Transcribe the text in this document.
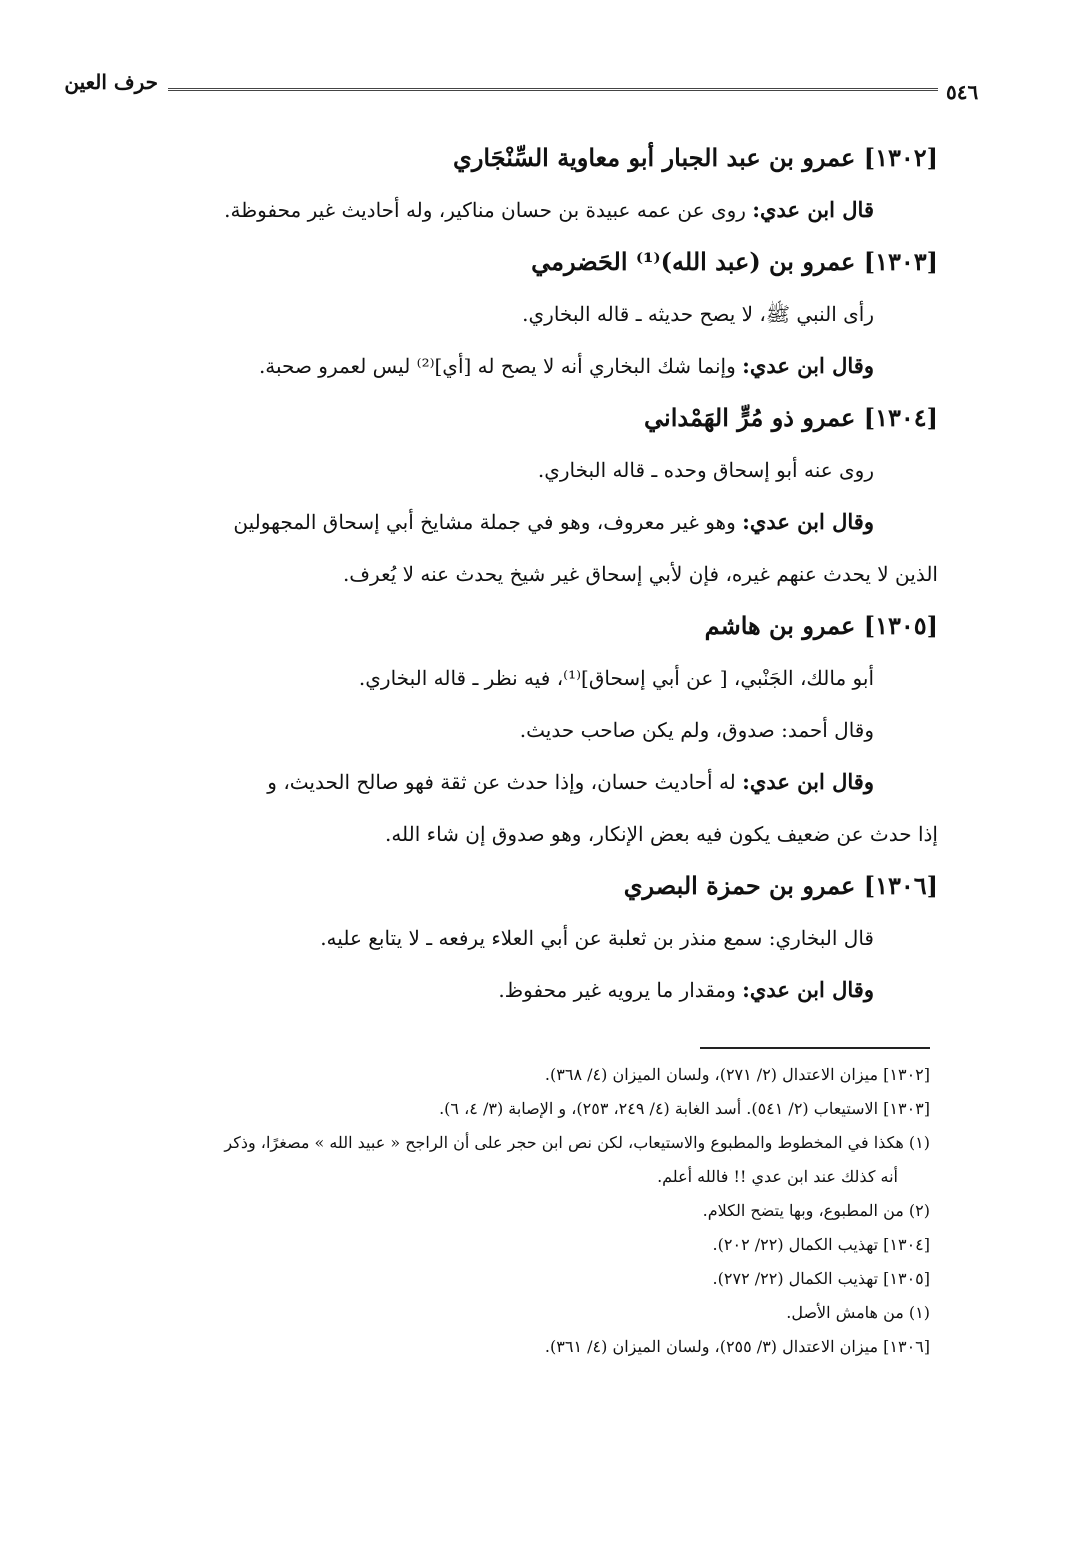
حرف العين	٥٤٦
[١٣٠٢] عمرو بن عبد الجبار أبو معاوية السِّنْجَاري
قال ابن عدي: روى عن عمه عبيدة بن حسان مناكير، وله أحاديث غير محفوظة.
[١٣٠٣] عمرو بن (عبد الله)⁽¹⁾ الحَضرمي
رأى النبي ﷺ، لا يصح حديثه ـ قاله البخاري.
وقال ابن عدي: وإنما شك البخاري أنه لا يصح له [أي]⁽²⁾ ليس لعمرو صحبة.
[١٣٠٤] عمرو ذو مُرٍّ الهَمْداني
روى عنه أبو إسحاق وحده ـ قاله البخاري.
وقال ابن عدي: وهو غير معروف، وهو في جملة مشايخ أبي إسحاق المجهولين
الذين لا يحدث عنهم غيره، فإن لأبي إسحاق غير شيخ يحدث عنه لا يُعرف.
[١٣٠٥] عمرو بن هاشم
أبو مالك، الجَنْبي، [ عن أبي إسحاق]⁽¹⁾، فيه نظر ـ قاله البخاري.
وقال أحمد: صدوق، ولم يكن صاحب حديث.
وقال ابن عدي: له أحاديث حسان، وإذا حدث عن ثقة فهو صالح الحديث، و
إذا حدث عن ضعيف يكون فيه بعض الإنكار، وهو صدوق إن شاء الله.
[١٣٠٦] عمرو بن حمزة البصري
قال البخاري: سمع منذر بن ثعلبة عن أبي العلاء يرفعه ـ لا يتابع عليه.
وقال ابن عدي: ومقدار ما يرويه غير محفوظ.
[١٣٠٢] ميزان الاعتدال (٢/ ٢٧١)، ولسان الميزان (٤/ ٣٦٨).
[١٣٠٣] الاستيعاب (٢/ ٥٤١). أسد الغابة (٤/ ٢٤٩، ٢٥٣)، و الإصابة (٣/ ٤، ٦).
(١) هكذا في المخطوط والمطبوع والاستيعاب، لكن نص ابن حجر على أن الراجح « عبيد الله » مصغرًا، وذكر
أنه كذلك عند ابن عدي !! فالله أعلم.
(٢) من المطبوع، وبها يتضح الكلام.
[١٣٠٤] تهذيب الكمال (٢٢/ ٢٠٢).
[١٣٠٥] تهذيب الكمال (٢٢/ ٢٧٢).
(١) من هامش الأصل.
[١٣٠٦] ميزان الاعتدال (٣/ ٢٥٥)، ولسان الميزان (٤/ ٣٦١).
